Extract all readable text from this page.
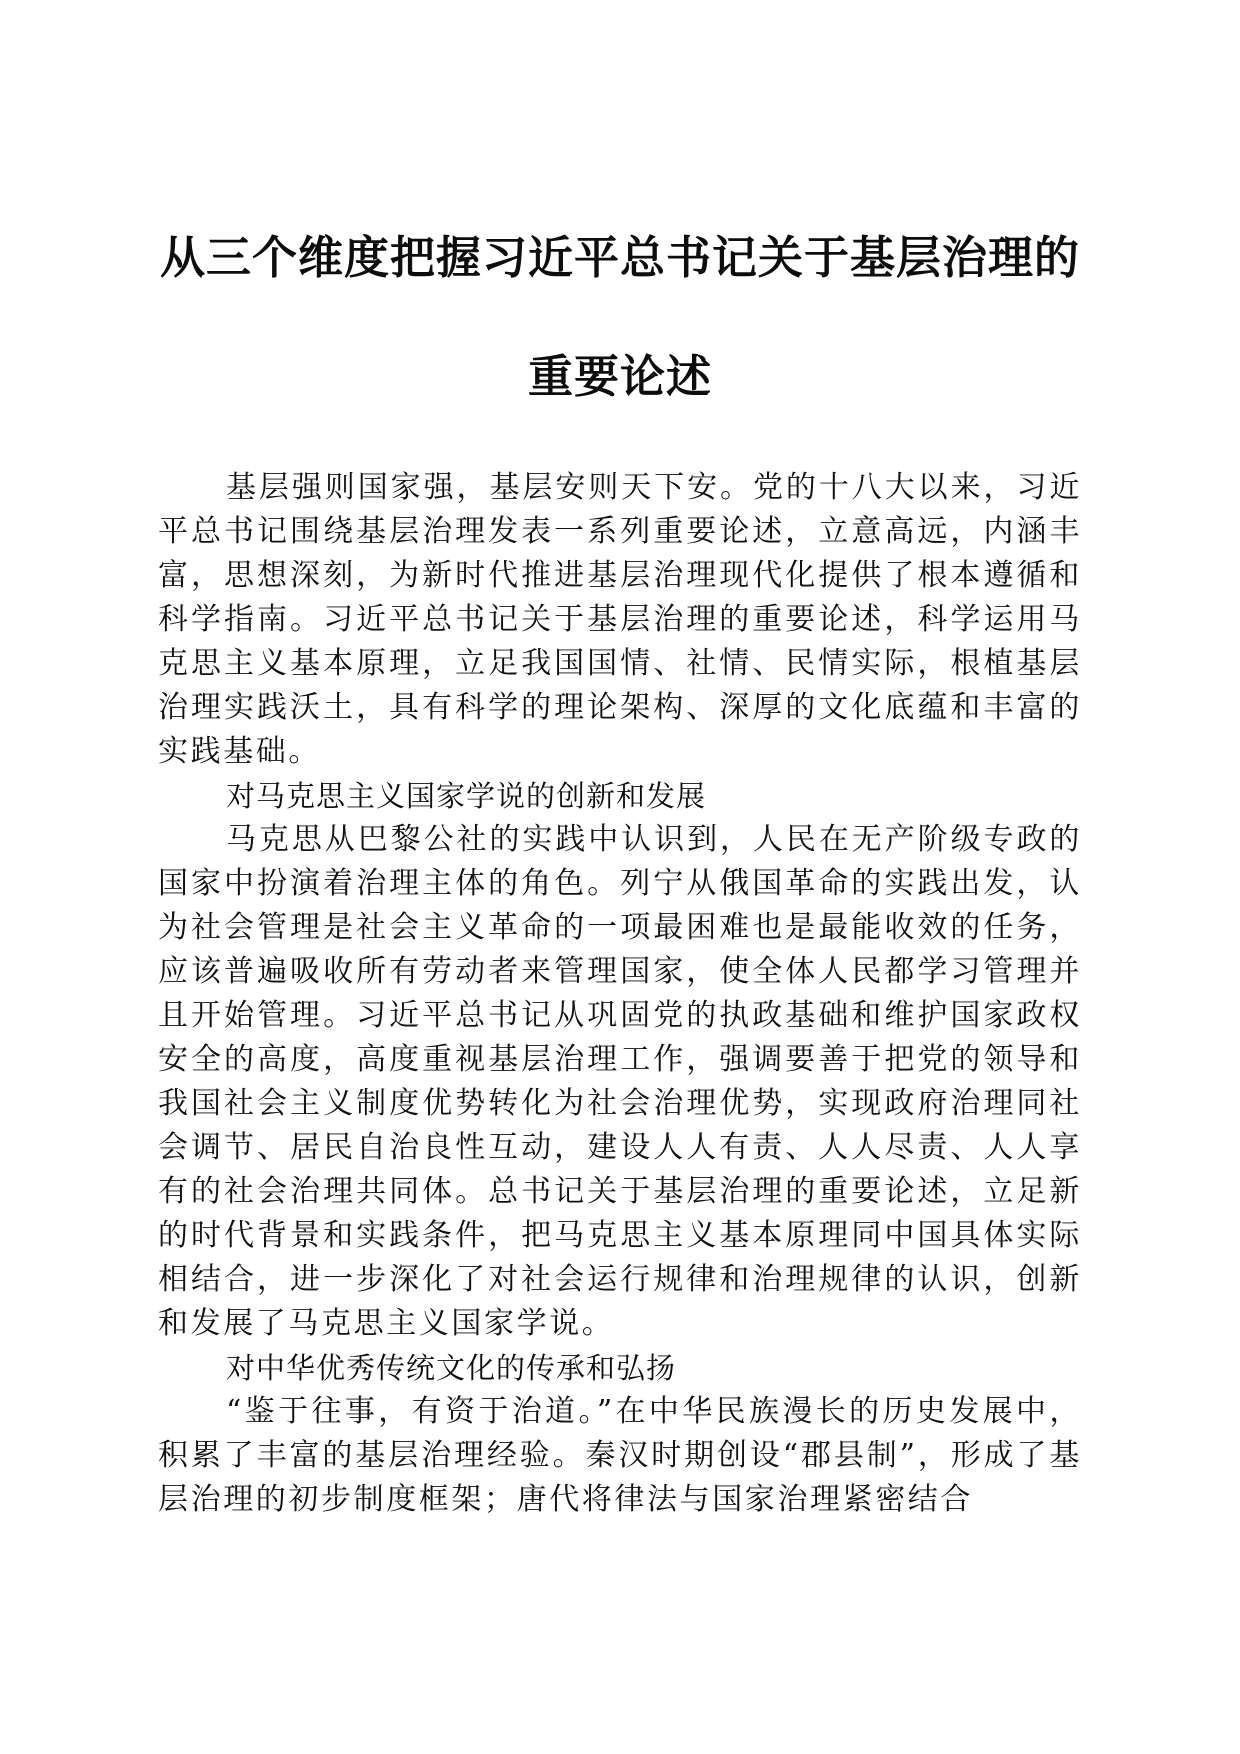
从三个维度把握习近平总书记关于基层治理的
重要论述

基层强则国家强，基层安则天下安。党的十八大以来，习近平总书记围绕基层治理发表一系列重要论述，立意高远，内涵丰富，思想深刻，为新时代推进基层治理现代化提供了根本遵循和科学指南。习近平总书记关于基层治理的重要论述，科学运用马克思主义基本原理，立足我国国情、社情、民情实际，根植基层治理实践沃土，具有科学的理论架构、深厚的文化底蕴和丰富的实践基础。

对马克思主义国家学说的创新和发展

马克思从巴黎公社的实践中认识到，人民在无产阶级专政的国家中扮演着治理主体的角色。列宁从俄国革命的实践出发，认为社会管理是社会主义革命的一项最困难也是最能收效的任务，应该普遍吸收所有劳动者来管理国家，使全体人民都学习管理并且开始管理。习近平总书记从巩固党的执政基础和维护国家政权安全的高度，高度重视基层治理工作，强调要善于把党的领导和我国社会主义制度优势转化为社会治理优势，实现政府治理同社会调节、居民自治良性互动，建设人人有责、人人尽责、人人享有的社会治理共同体。总书记关于基层治理的重要论述，立足新的时代背景和实践条件，把马克思主义基本原理同中国具体实际相结合，进一步深化了对社会运行规律和治理规律的认识，创新和发展了马克思主义国家学说。

对中华优秀传统文化的传承和弘扬

“鉴于往事，有资于治道。”在中华民族漫长的历史发展中，积累了丰富的基层治理经验。秦汉时期创设“郡县制”，形成了基层治理的初步制度框架；唐代将律法与国家治理紧密结合
